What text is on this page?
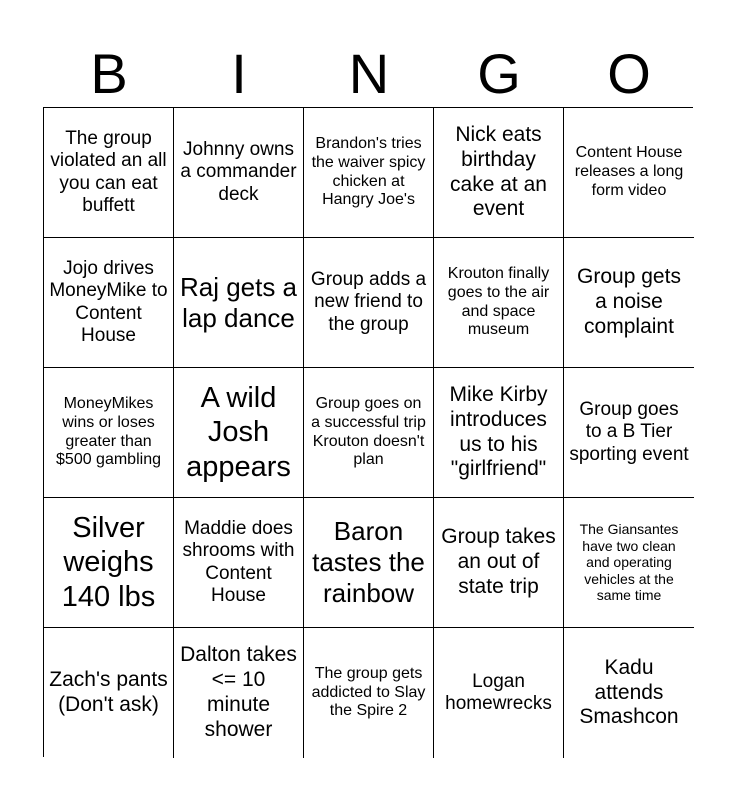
B	I	N	G	O
The group violated an all you can eat buffett
Johnny owns a commander deck
Brandon's tries the waiver spicy chicken at Hangry Joe's
Nick eats birthday cake at an event
Content House releases a long form video
Jojo drives MoneyMike to Content House
Raj gets a lap dance
Group adds a new friend to the group
Krouton finally goes to the air and space museum
Group gets a noise complaint
MoneyMikes wins or loses greater than $500 gambling
A wild Josh appears
Group goes on a successful trip Krouton doesn't plan
Mike Kirby introduces us to his "girlfriend"
Group goes to a B Tier sporting event
Silver weighs 140 lbs
Maddie does shrooms with Content House
Baron tastes the rainbow
Group takes an out of state trip
The Giansantes have two clean and operating vehicles at the same time
Zach's pants (Don't ask)
Dalton takes <= 10 minute shower
The group gets addicted to Slay the Spire 2
Logan homewrecks
Kadu attends Smashcon
